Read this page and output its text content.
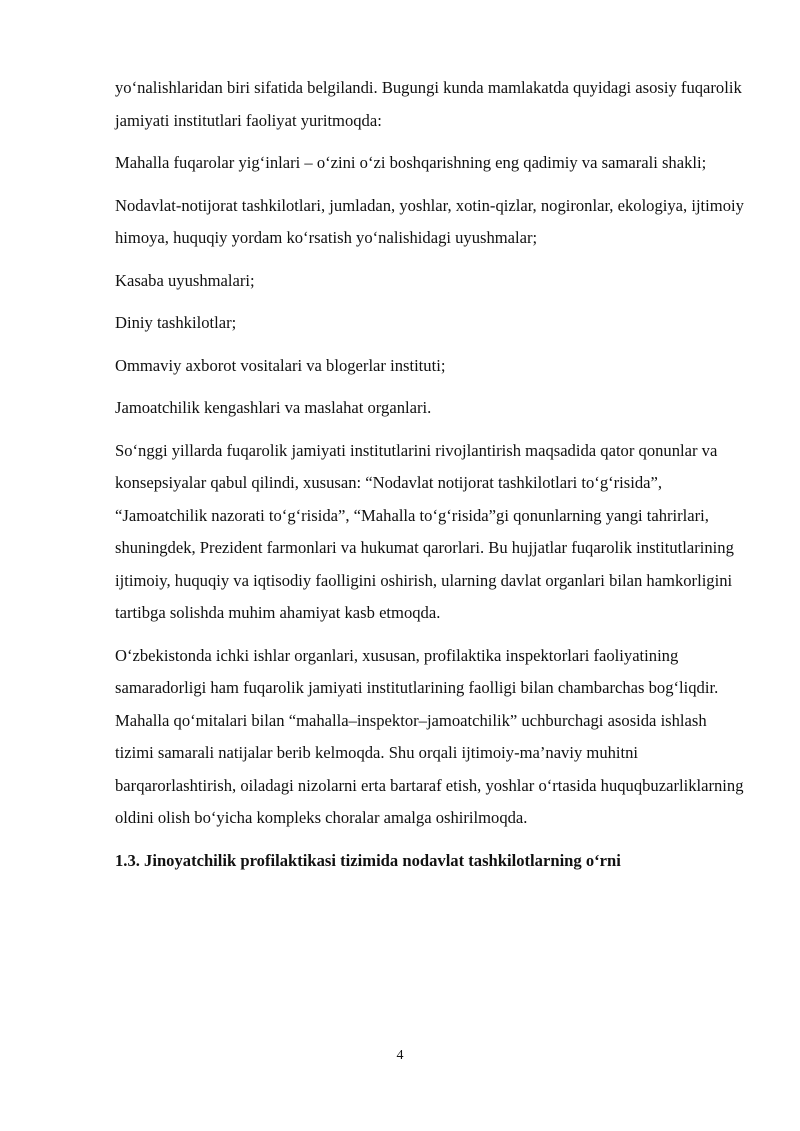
yo‘nalishlaridan biri sifatida belgilandi. Bugungi kunda mamlakatda quyidagi asosiy fuqarolik jamiyati institutlari faoliyat yuritmoqda:

Mahalla fuqarolar yig‘inlari – o‘zini o‘zi boshqarishning eng qadimiy va samarali shakli;

Nodavlat-notijorat tashkilotlari, jumladan, yoshlar, xotin-qizlar, nogironlar, ekologiya, ijtimoiy himoya, huquqiy yordam ko‘rsatish yo‘nalishidagi uyushmalar;

Kasaba uyushmalari;

Diniy tashkilotlar;

Ommaviy axborot vositalari va blogerlar instituti;

Jamoatchilik kengashlari va maslahat organlari.

So‘nggi yillarda fuqarolik jamiyati institutlarini rivojlantirish maqsadida qator qonunlar va konsepsiyalar qabul qilindi, xususan: “Nodavlat notijorat tashkilotlari to‘g‘risida”, “Jamoatchilik nazorati to‘g‘risida”, “Mahalla to‘g‘risida”gi qonunlarning yangi tahrirlari, shuningdek, Prezident farmonlari va hukumat qarorlari. Bu hujjatlar fuqarolik institutlarining ijtimoiy, huquqiy va iqtisodiy faolligini oshirish, ularning davlat organlari bilan hamkorligini tartibga solishda muhim ahamiyat kasb etmoqda.

O‘zbekistonda ichki ishlar organlari, xususan, profilaktika inspektorlari faoliyatining samaradorligi ham fuqarolik jamiyati institutlarining faolligi bilan chambarchas bog‘liqdir. Mahalla qo‘mitalari bilan “mahalla–inspektor–jamoatchilik” uchburchagi asosida ishlash tizimi samarali natijalar berib kelmoqda. Shu orqali ijtimoiy-ma’naviy muhitni barqarorlashtirish, oiladagi nizolarni erta bartaraf etish, yoshlar o‘rtasida huquqbuzarliklarning oldini olish bo‘yicha kompleks choralar amalga oshirilmoqda.

1.3. Jinoyatchilik profilaktikasi tizimida nodavlat tashkilotlarning o‘rni

4
